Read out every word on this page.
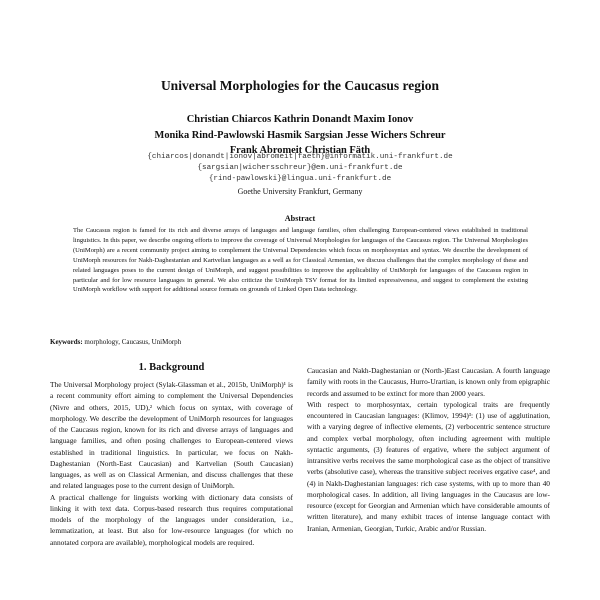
Universal Morphologies for the Caucasus region
Christian Chiarcos Kathrin Donandt Maxim Ionov
Monika Rind-Pawlowski Hasmik Sargsian Jesse Wichers Schreur
Frank Abromeit Christian Fäth
{chiarcos|donandt|ionov|abromeit|faeth}@informatik.uni-frankfurt.de
{sargsian|wichersschreur}@em.uni-frankfurt.de
{rind-pawlowski}@lingua.uni-frankfurt.de
Goethe University Frankfurt, Germany
Abstract
The Caucasus region is famed for its rich and diverse arrays of languages and language families, often challenging European-centered views established in traditional linguistics. In this paper, we describe ongoing efforts to improve the coverage of Universal Morphologies for languages of the Caucasus region. The Universal Morphologies (UniMorph) are a recent community project aiming to complement the Universal Dependencies which focus on morphosyntax and syntax. We describe the development of UniMorph resources for Nakh-Daghestanian and Kartvelian languages as a well as for Classical Armenian, we discuss challenges that the complex morphology of these and related languages poses to the current design of UniMorph, and suggest possibilities to improve the applicability of UniMorph for languages of the Caucasus region in particular and for low resource languages in general. We also criticize the UniMorph TSV format for its limited expressiveness, and suggest to complement the existing UniMorph workflow with support for additional source formats on grounds of Linked Open Data technology.
Keywords: morphology, Caucasus, UniMorph
1. Background

The Universal Morphology project (Sylak-Glassman et al., 2015b, UniMorph)¹ is a recent community effort aiming to complement the Universal Dependencies (Nivre and others, 2015, UD),² which focus on syntax, with coverage of morphology. We describe the development of UniMorph resources for languages of the Caucasus region, known for its rich and diverse arrays of languages and language families, and often posing challenges to European-centered views established in traditional linguistics. In particular, we focus on Nakh-Daghestanian (North-East Caucasian) and Kartvelian (South Caucasian) languages, as well as on Classical Armenian, and discuss challenges that these and related languages pose to the current design of UniMorph.

A practical challenge for linguists working with dictionary data consists of linking it with text data. Corpus-based research thus requires computational models of the morphology of the languages under consideration, i.e., lemmatization, at least. But also for low-resource languages (for which no annotated corpora are available), morphological models are required.

Caucasian and Nakh-Daghestanian or (North-)East Caucasian. A fourth language family with roots in the Caucasus, Hurro-Urartian, is known only from epigraphic records and assumed to be extinct for more than 2000 years.

With respect to morphosyntax, certain typological traits are frequently encountered in Caucasian languages: (Klimov, 1994)³: (1) use of agglutination, with a varying degree of inflective elements, (2) verbocentric sentence structure and complex verbal morphology, often including agreement with multiple syntactic arguments, (3) features of ergative, where the subject argument of intransitive verbs receives the same morphological case as the object of transitive verbs (absolutive case), whereas the transitive subject receives ergative case⁴, and (4) in Nakh-Daghestanian languages: rich case systems, with up to more than 40 morphological cases. In addition, all living languages in the Caucasus are low-resource (except for Georgian and Armenian which have considerable amounts of written literature), and many exhibit traces of intense language contact with Iranian, Armenian, Georgian, Turkic, Arabic and/or Russian.
